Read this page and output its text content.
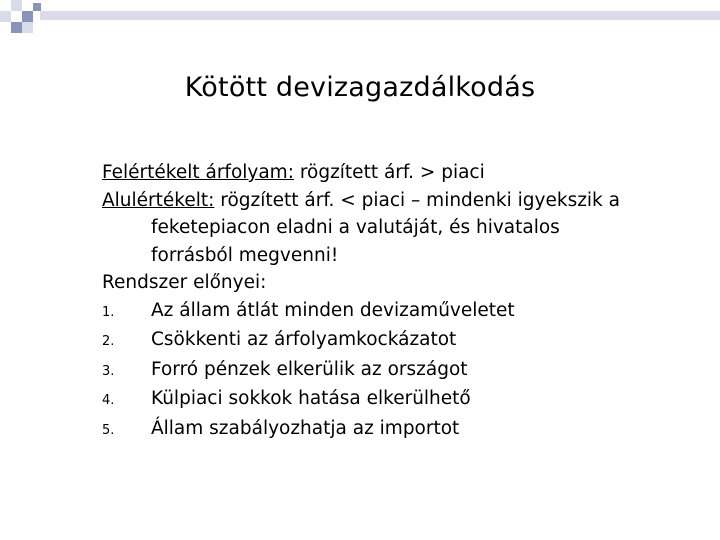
Kötött devizagazdálkodás
Felértékelt árfolyam: rögzített árf. > piaci
Alulértékelt: rögzített árf. < piaci – mindenki igyekszik a
feketepiacon eladni a valutáját, és hivatalos
forrásból megvenni!
Rendszer előnyei:
1. Az állam átlát minden devizaműveletet
2. Csökkenti az árfolyamkockázatot
3. Forró pénzek elkerülik az országot
4. Külpiaci sokkok hatása elkerülhető
5. Állam szabályozhatja az importot
